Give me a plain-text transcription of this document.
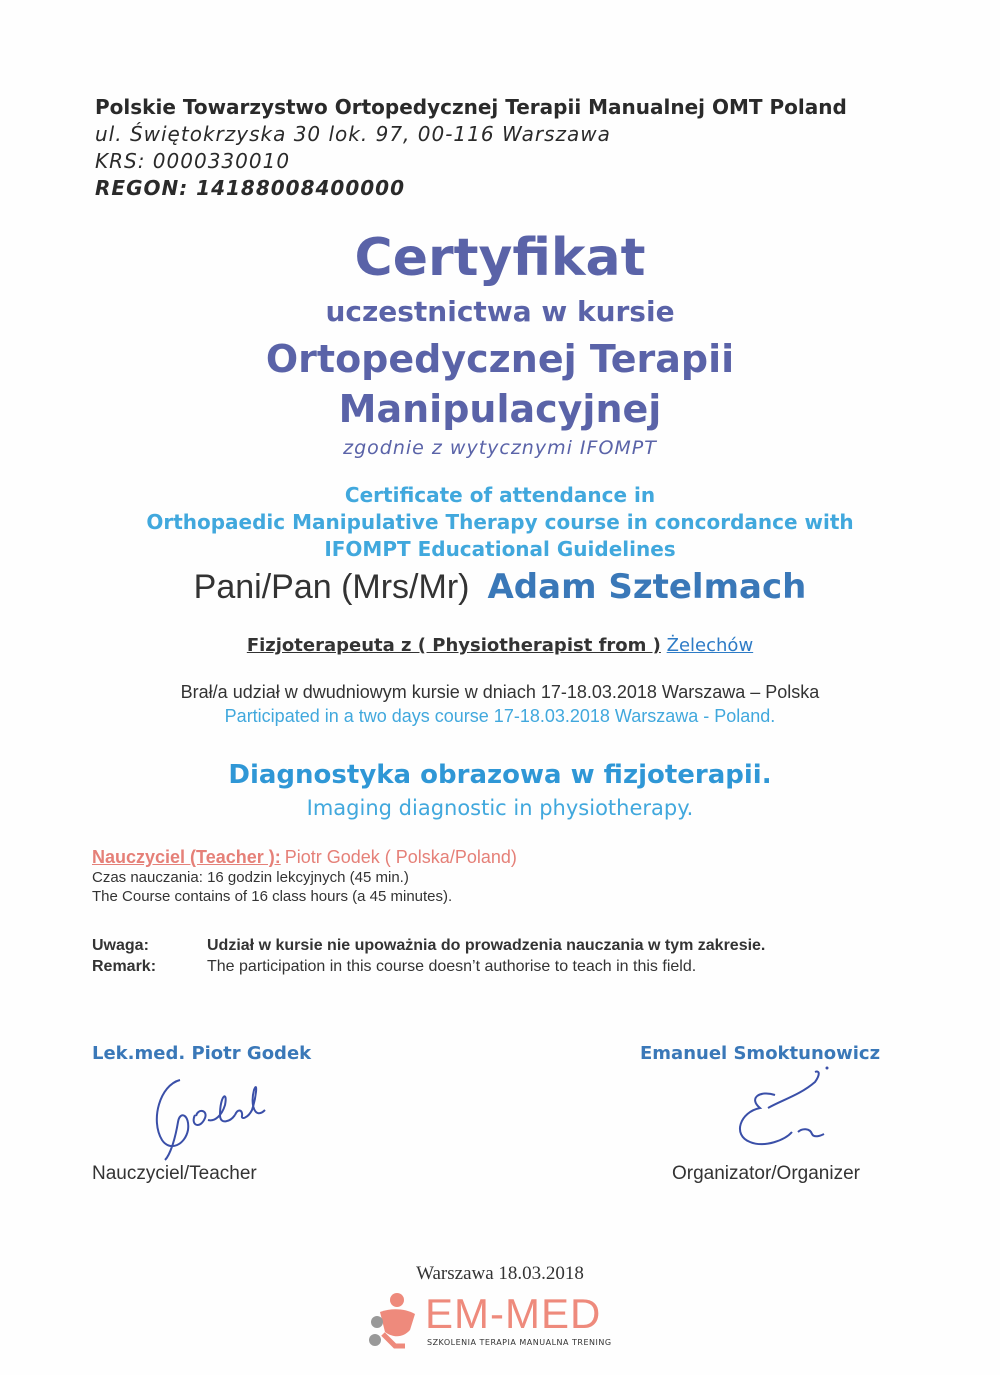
Polskie Towarzystwo Ortopedycznej Terapii Manualnej OMT Poland
ul. Świętokrzyska 30 lok. 97, 00-116 Warszawa
KRS: 0000330010
REGON: 14188008400000
Certyfikat
uczestnictwa w kursie
Ortopedycznej Terapii
Manipulacyjnej
zgodnie z wytycznymi IFOMPT
Certificate of attendance in
Orthopaedic Manipulative Therapy course in concordance with
IFOMPT Educational Guidelines
Pani/Pan (Mrs/Mr) Adam Sztelmach
Fizjoterapeuta z ( Physiotherapist from ) Żelechów
Brał/a udział w dwudniowym kursie w dniach 17-18.03.2018 Warszawa – Polska
Participated in a two days course 17-18.03.2018 Warszawa - Poland.
Diagnostyka obrazowa w fizjoterapii.
Imaging diagnostic in physiotherapy.
Nauczyciel (Teacher ): Piotr Godek ( Polska/Poland)
Czas nauczania: 16 godzin lekcyjnych (45 min.)
The Course contains of 16 class hours (a 45 minutes).
Uwaga:	Udział w kursie nie upoważnia do prowadzenia nauczania w tym zakresie.
Remark:	The participation in this course doesn’t authorise to teach in this field.
Lek.med. Piotr Godek
Nauczyciel/Teacher
Emanuel Smoktunowicz
Organizator/Organizer
Warszawa 18.03.2018
EM-MED
SZKOLENIA TERAPIA MANUALNA TRENING
